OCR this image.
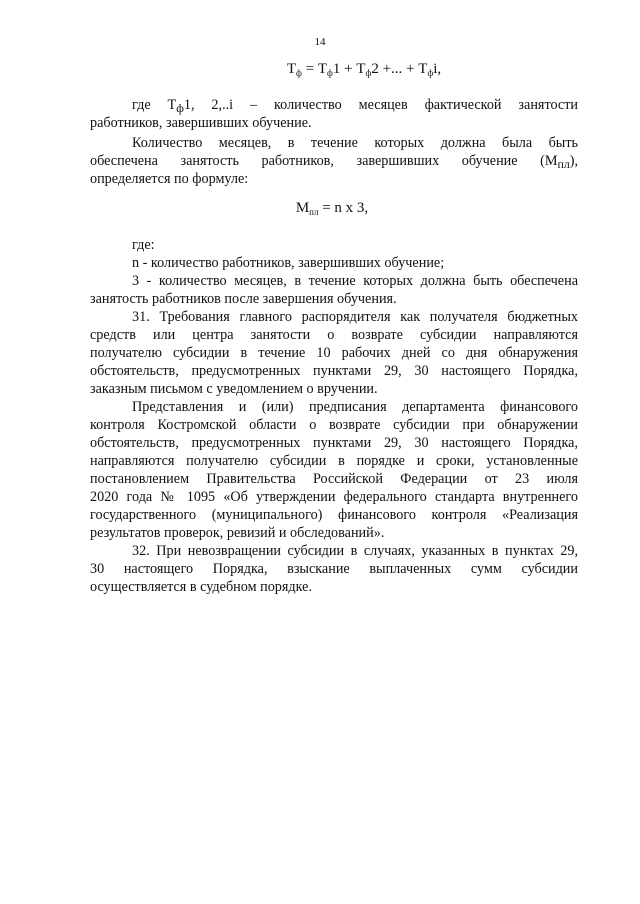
14
$T_ф = T_ф1 + T_ф2$ +... + $T_фi$,
где $T_ф1$, 2,..i – количество месяцев фактической занятости
работников, завершивших обучение.
Количество месяцев, в течение которых должна была быть
обеспечена занятость работников, завершивших обучение $(M_{пл})$,
определяется по формуле:
$M_{пл} = n$ x 3,
где:
n - количество работников, завершивших обучение;
3 - количество месяцев, в течение которых должна быть обеспечена
занятость работников после завершения обучения.
31. Требования главного распорядителя как получателя бюджетных
средств или центра занятости о возврате субсидии направляются
получателю субсидии в течение 10 рабочих дней со дня обнаружения
обстоятельств, предусмотренных пунктами 29, 30 настоящего Порядка,
заказным письмом с уведомлением о вручении.
Представления и (или) предписания департамента финансового
контроля Костромской области о возврате субсидии при обнаружении
обстоятельств, предусмотренных пунктами 29, 30 настоящего Порядка,
направляются получателю субсидии в порядке и сроки, установленные
постановлением Правительства Российской Федерации от 23 июля
2020 года № 1095 «Об утверждении федерального стандарта внутреннего
государственного (муниципального) финансового контроля «Реализация
результатов проверок, ревизий и обследований».
32. При невозвращении субсидии в случаях, указанных в пунктах 29,
30 настоящего Порядка, взыскание выплаченных сумм субсидии
осуществляется в судебном порядке.
